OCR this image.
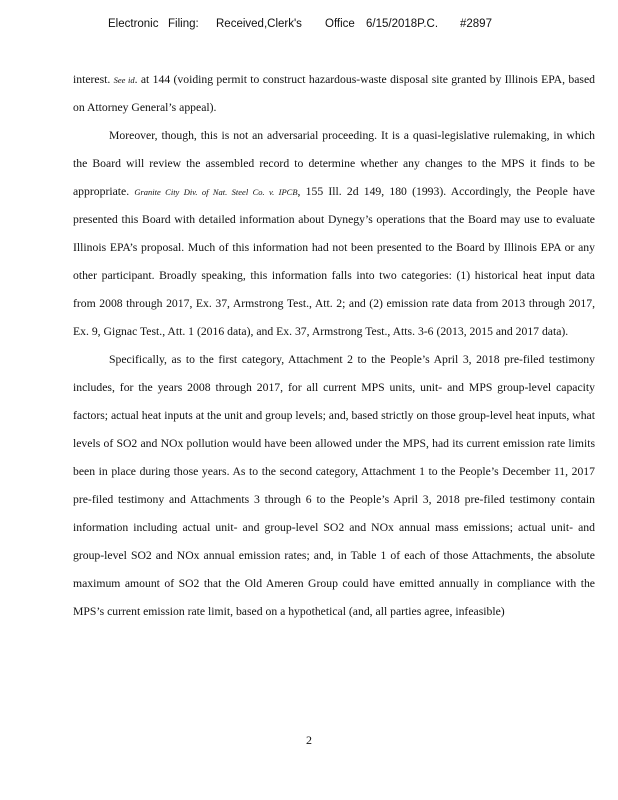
Electronic Filing: Received,Clerk's Office 6/15/2018P.C. #2897

interest. See id. at 144 (voiding permit to construct hazardous-waste disposal site granted by Illinois EPA, based on Attorney General’s appeal).

Moreover, though, this is not an adversarial proceeding. It is a quasi-legislative rulemaking, in which the Board will review the assembled record to determine whether any changes to the MPS it finds to be appropriate. Granite City Div. of Nat. Steel Co. v. IPCB, 155 Ill. 2d 149, 180 (1993). Accordingly, the People have presented this Board with detailed information about Dynegy’s operations that the Board may use to evaluate Illinois EPA’s proposal. Much of this information had not been presented to the Board by Illinois EPA or any other participant. Broadly speaking, this information falls into two categories: (1) historical heat input data from 2008 through 2017, Ex. 37, Armstrong Test., Att. 2; and (2) emission rate data from 2013 through 2017, Ex. 9, Gignac Test., Att. 1 (2016 data), and Ex. 37, Armstrong Test., Atts. 3-6 (2013, 2015 and 2017 data).

Specifically, as to the first category, Attachment 2 to the People’s April 3, 2018 pre-filed testimony includes, for the years 2008 through 2017, for all current MPS units, unit- and MPS group-level capacity factors; actual heat inputs at the unit and group levels; and, based strictly on those group-level heat inputs, what levels of SO2 and NOx pollution would have been allowed under the MPS, had its current emission rate limits been in place during those years. As to the second category, Attachment 1 to the People’s December 11, 2017 pre-filed testimony and Attachments 3 through 6 to the People’s April 3, 2018 pre-filed testimony contain information including actual unit- and group-level SO2 and NOx annual mass emissions; actual unit- and group-level SO2 and NOx annual emission rates; and, in Table 1 of each of those Attachments, the absolute maximum amount of SO2 that the Old Ameren Group could have emitted annually in compliance with the MPS’s current emission rate limit, based on a hypothetical (and, all parties agree, infeasible)

2
